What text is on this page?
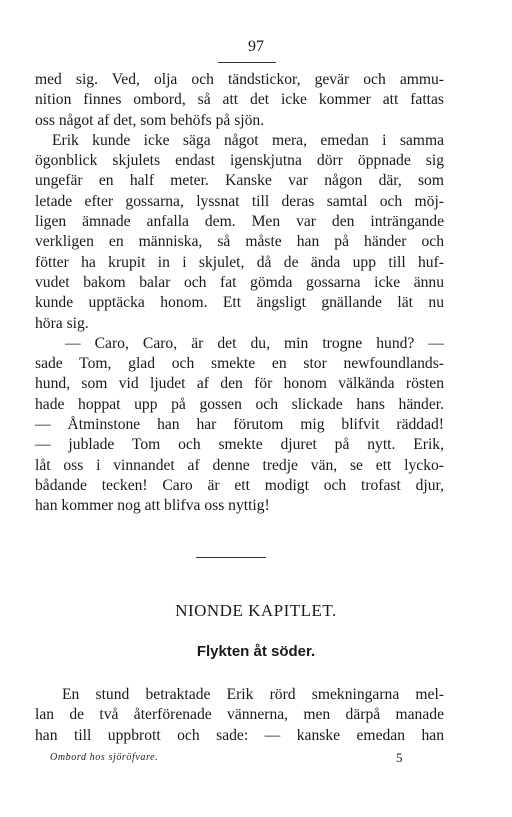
97
med sig. Ved, olja och tändstickor, gevär och ammu-
nition finnes ombord, så att det icke kommer att fattas
oss något af det, som behöfs på sjön.
Erik kunde icke säga något mera, emedan i samma
ögonblick skjulets endast igenskjutna dörr öppnade sig
ungefär en half meter. Kanske var någon där, som
letade efter gossarna, lyssnat till deras samtal och möj-
ligen ämnade anfalla dem. Men var den inträngande
verkligen en människa, så måste han på händer och
fötter ha krupit in i skjulet, då de ända upp till huf-
vudet bakom balar och fat gömda gossarna icke ännu
kunde upptäcka honom. Ett ängsligt gnällande lät nu
höra sig.
— Caro, Caro, är det du, min trogne hund? —
sade Tom, glad och smekte en stor newfoundlands-
hund, som vid ljudet af den för honom välkända rösten
hade hoppat upp på gossen och slickade hans händer.
— Åtminstone han har förutom mig blifvit räddad!
— jublade Tom och smekte djuret på nytt. Erik,
låt oss i vinnandet af denne tredje vän, se ett lycko-
bådande tecken! Caro är ett modigt och trofast djur,
han kommer nog att blifva oss nyttig!
NIONDE KAPITLET.
Flykten åt söder.
En stund betraktade Erik rörd smekningarna mel-
lan de två återförenade vännerna, men därpå manade
han till uppbrott och sade: — kanske emedan han
Ombord hos sjöröfvare.	5
